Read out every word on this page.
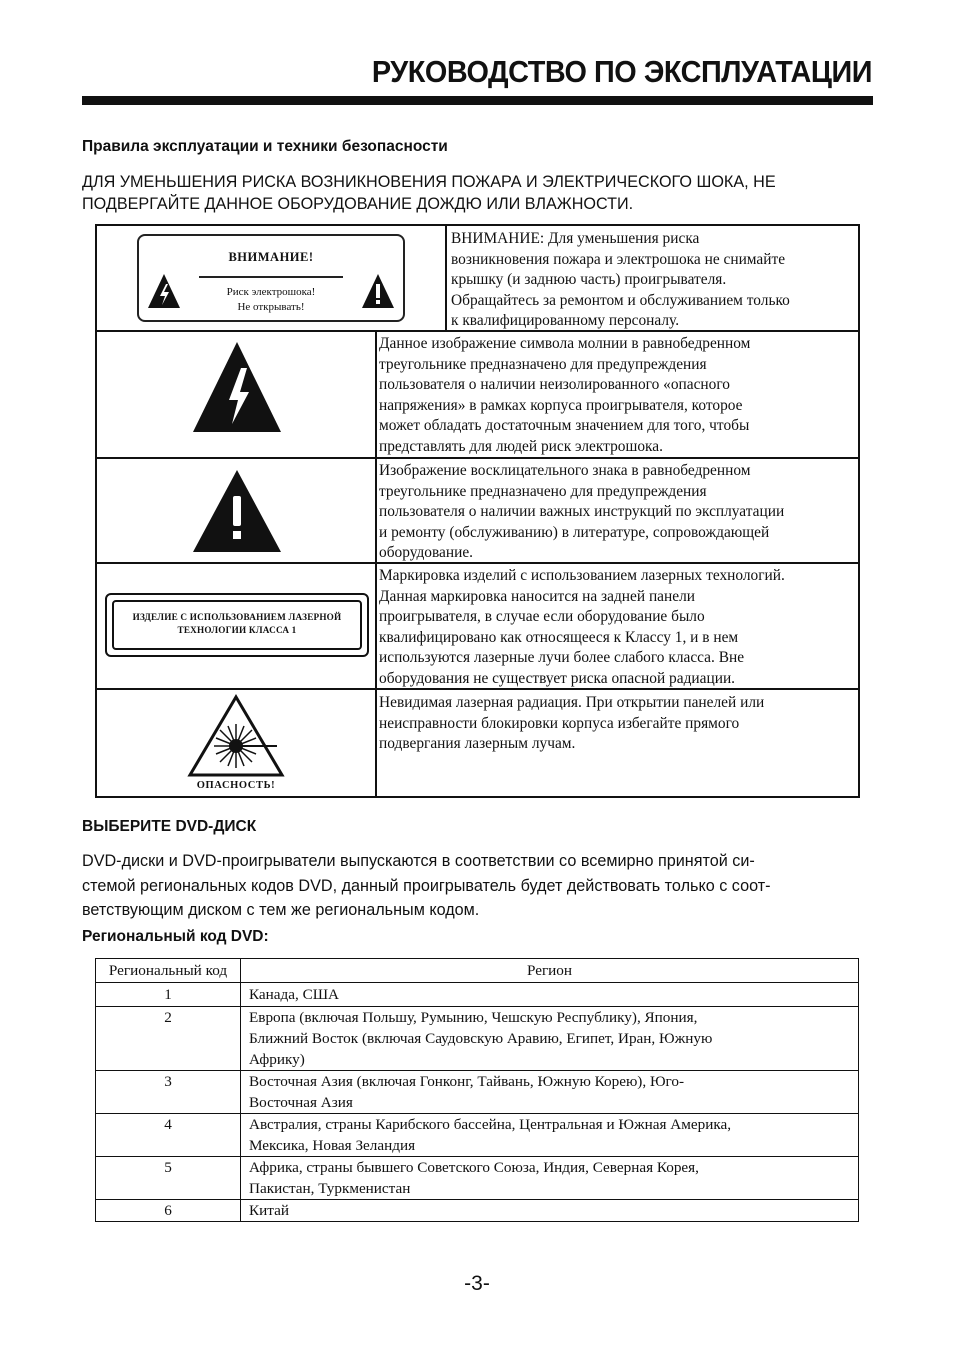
РУКОВОДСТВО ПО ЭКСПЛУАТАЦИИ
Правила эксплуатации и техники безопасности
ДЛЯ УМЕНЬШЕНИЯ РИСКА ВОЗНИКНОВЕНИЯ ПОЖАРА И ЭЛЕКТРИЧЕСКОГО ШОКА, НЕ
ПОДВЕРГАЙТЕ ДАННОЕ ОБОРУДОВАНИЕ ДОЖДЮ ИЛИ ВЛАЖНОСТИ.
ВНИМАНИЕ!
Риск электрошока!
Не открывать!
ВНИМАНИЕ: Для уменьшения риска
возникновения пожара и электрошока не снимайте
крышку (и заднюю часть) проигрывателя.
Обращайтесь за ремонтом и обслуживанием только
к квалифицированному персоналу.
Данное изображение символа молнии в равнобедренном
треугольнике предназначено для предупреждения
пользователя о наличии неизолированного «опасного
напряжения» в рамках корпуса проигрывателя, которое
может обладать достаточным значением для того, чтобы
представлять для людей риск электрошока.
Изображение восклицательного знака в равнобедренном
треугольнике предназначено для предупреждения
пользователя о наличии важных инструкций по эксплуатации
и ремонту (обслуживанию) в литературе, сопровождающей
оборудование.
ИЗДЕЛИЕ С ИСПОЛЬЗОВАНИЕМ ЛАЗЕРНОЙ
ТЕХНОЛОГИИ КЛАССА 1
Маркировка изделий с использованием лазерных технологий.
Данная маркировка наносится на задней панели
проигрывателя, в случае если оборудование было
квалифицировано как относящееся к Классу 1, и в нем
используются лазерные лучи более слабого класса. Вне
оборудования не существует риска опасной радиации.
ОПАСНОСТЬ!
Невидимая лазерная радиация. При открытии панелей или
неисправности блокировки корпуса избегайте прямого
подвергания лазерным лучам.
ВЫБЕРИТЕ DVD-ДИСК
DVD-диски и DVD-проигрыватели выпускаются в соответствии со всемирно принятой си-
стемой региональных кодов DVD, данный проигрыватель будет действовать только с соот-
ветствующим диском с тем же региональным кодом.
Региональный код DVD:
Региональный код	Регион
1	Канада, США

2	Европа (включая Польшу, Румынию, Чешскую Республику), Япония,
Ближний Восток (включая Саудовскую Аравию, Египет, Иран, Южную
Африку)

3	Восточная Азия (включая Гонконг, Тайвань, Южную Корею), Юго-
Восточная Азия

4	Австралия, страны Карибского бассейна, Центральная и Южная Америка,
Мексика, Новая Зеландия

5	Африка, страны бывшего Советского Союза, Индия, Северная Корея,
Пакистан, Туркменистан

6	Китай
-3-
